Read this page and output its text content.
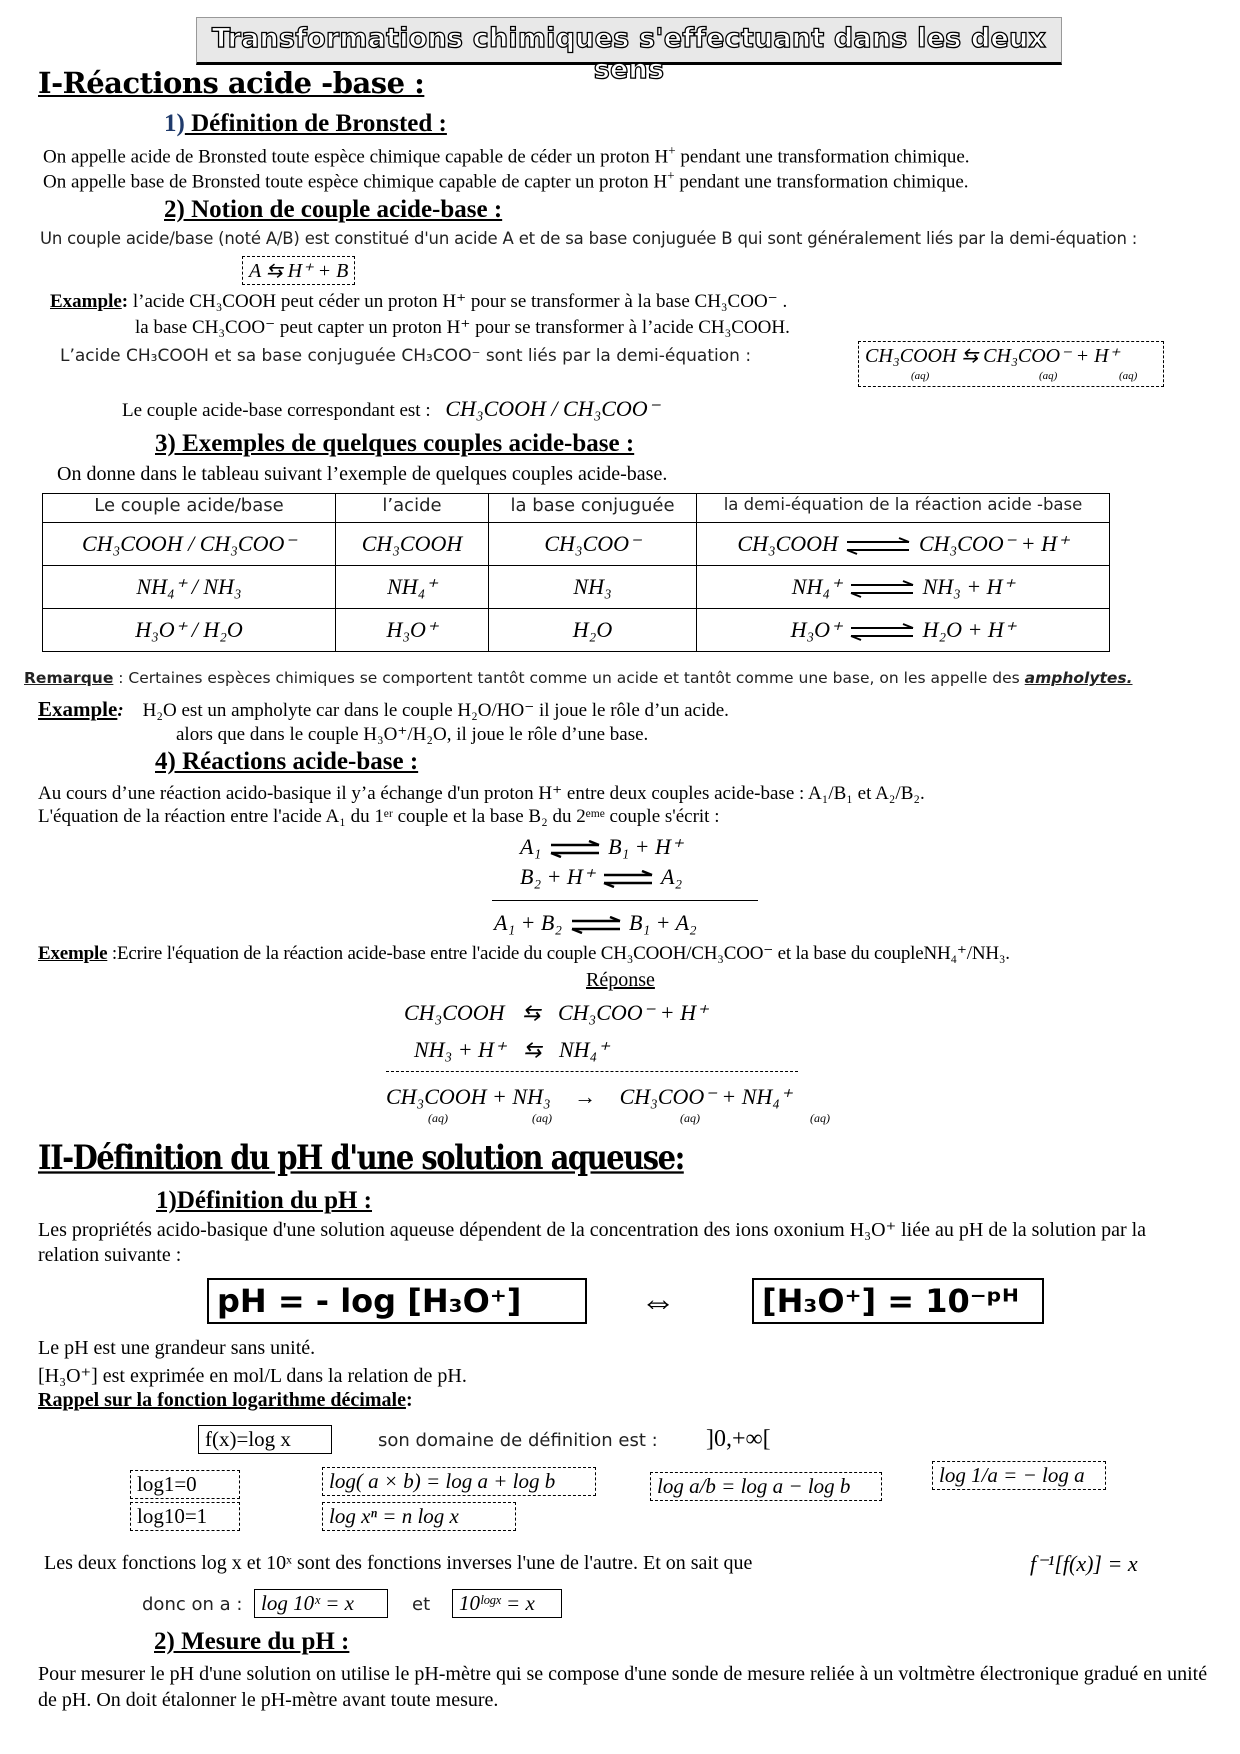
Transformations chimiques s'effectuant dans les deux sens
I-Réactions acide -base :
1) Définition de Bronsted :
On appelle acide de Bronsted toute espèce chimique capable de céder un proton H+ pendant une transformation chimique.
On appelle base de Bronsted toute espèce chimique capable de capter un proton H+ pendant une transformation chimique.
2) Notion de couple acide-base :
Un couple acide/base (noté A/B) est constitué d'un acide A et de sa base conjuguée B qui sont généralement liés par la demi-équation :
A ⇆ H⁺ + B
Example: l’acide CH₃COOH peut céder un proton H⁺ pour se transformer à la base CH₃COO⁻ .
la base CH₃COO⁻ peut capter un proton H⁺ pour se transformer à l’acide CH₃COOH.
L’acide CH₃COOH et sa base conjuguée CH₃COO⁻ sont liés par la demi-équation :	CH₃COOH ⇆ CH₃COO⁻ + H⁺
(aq)	(aq)	(aq)
Le couple acide-base correspondant est : CH₃COOH / CH₃COO⁻
3) Exemples de quelques couples acide-base :
On donne dans le tableau suivant l’exemple de quelques couples acide-base.
Le couple acide/base	l’acide	la base conjuguée	la demi-équation de la réaction acide -base
CH₃COOH / CH₃COO⁻	CH₃COOH	CH₃COO⁻	CH₃COOH CH₃COO⁻ + H⁺
NH₄⁺ / NH₃	NH₄⁺	NH₃	NH₄⁺ NH₃ + H⁺
H₃O⁺ / H₂O	H₃O⁺	H₂O	H₃O⁺ H₂O + H⁺
Remarque : Certaines espèces chimiques se comportent tantôt comme un acide et tantôt comme une base, on les appelle des ampholytes.
Example: H₂O est un ampholyte car dans le couple H₂O/HO⁻ il joue le rôle d’un acide.
alors que dans le couple H₃O⁺/H₂O, il joue le rôle d’une base.
4) Réactions acide-base :
Au cours d’une réaction acido-basique il y’a échange d'un proton H⁺ entre deux couples acide-base : A₁/B₁ et A₂/B₂.
L'équation de la réaction entre l'acide A₁ du 1ᵉʳ couple et la base B₂ du 2ᵉᵐᵉ couple s'écrit :
A₁	B₁ + H⁺
B₂ + H⁺	A₂
A₁ + B₂	B₁ + A₂
Exemple :Ecrire l'équation de la réaction acide-base entre l'acide du couple CH₃COOH/CH₃COO⁻ et la base du coupleNH₄⁺/NH₃.
Réponse
CH₃COOH ⇆ CH₃COO⁻ + H⁺
NH₃ + H⁺ ⇆ NH₄⁺
CH₃COOH + NH₃ → CH₃COO⁻ + NH₄⁺
(aq)	(aq)	(aq)	(aq)
II-Définition du pH d'une solution aqueuse:
1)Définition du pH :
Les propriétés acido-basique d'une solution aqueuse dépendent de la concentration des ions oxonium H₃O⁺ liée au pH de la solution par la relation suivante :
pH = - log [H₃O⁺]	⇔	[H₃O⁺] = 10⁻ᵖᴴ
Le pH est une grandeur sans unité.
[H₃O⁺] est exprimée en mol/L dans la relation de pH.
Rappel sur la fonction logarithme décimale:
f(x)=log x	son domaine de définition est : ]0,+∞[
log1=0
log10=1
log( a × b) = log a + log b
log xⁿ = n log x
log a/b = log a − log b	log 1/a = − log a
Les deux fonctions log x et 10ˣ sont des fonctions inverses l'une de l'autre. Et on sait que	f⁻¹[f(x)] = x
donc on a : log 10ˣ = x	et	10ˡᵒᵍˣ = x
2) Mesure du pH :
Pour mesurer le pH d'une solution on utilise le pH-mètre qui se compose d'une sonde de mesure reliée à un voltmètre électronique gradué en unité de pH. On doit étalonner le pH-mètre avant toute mesure.
